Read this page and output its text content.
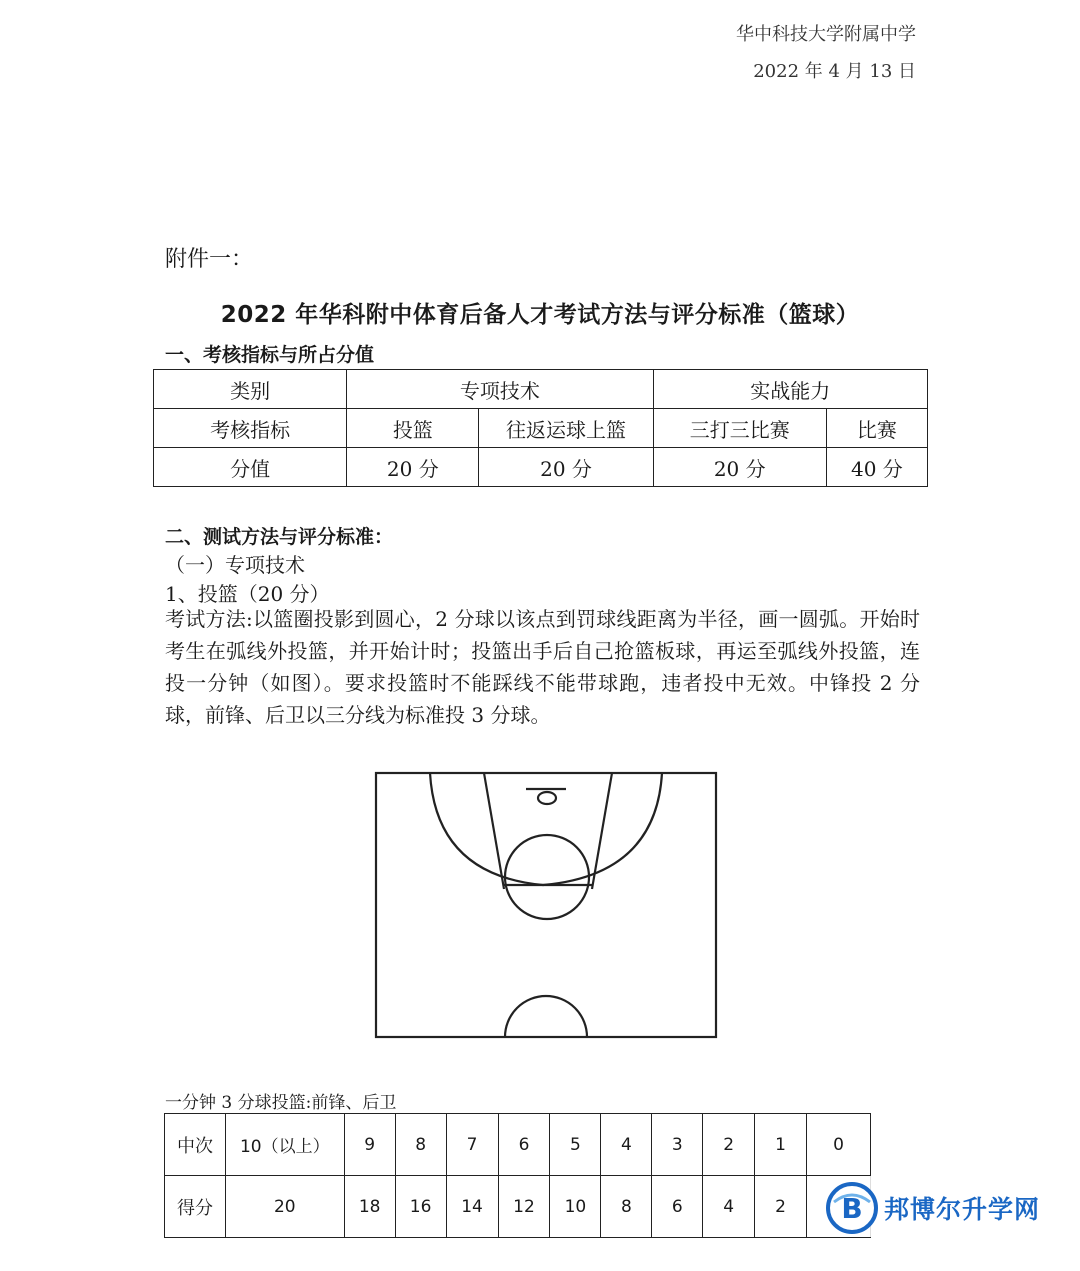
华中科技大学附属中学
2022 年 4 月 13 日
附件一：
2022 年华科附中体育后备人才考试方法与评分标准（篮球）
一、考核指标与所占分值
类别	专项技术		实战能力	
考核指标	投篮	往返运球上篮	三打三比赛	比赛
分值	20 分	20 分	20 分	40 分
二、测试方法与评分标准：
（一）专项技术
1、投篮（20 分）
考试方法:以篮圈投影到圆心，2 分球以该点到罚球线距离为半径，画一圆弧。开始时考生在弧线外投篮，并开始计时；投篮出手后自己抢篮板球，再运至弧线外投篮，连投一分钟（如图）。要求投篮时不能踩线不能带球跑，违者投中无效。中锋投 2 分球，前锋、后卫以三分线为标准投 3 分球。
一分钟 3 分球投篮:前锋、后卫
中次	10（以上）	9	8	7	6	5	4	3	2	1	0
得分	20	18	16	14	12	10	8	6	4	2	B 邦博尔升学网
